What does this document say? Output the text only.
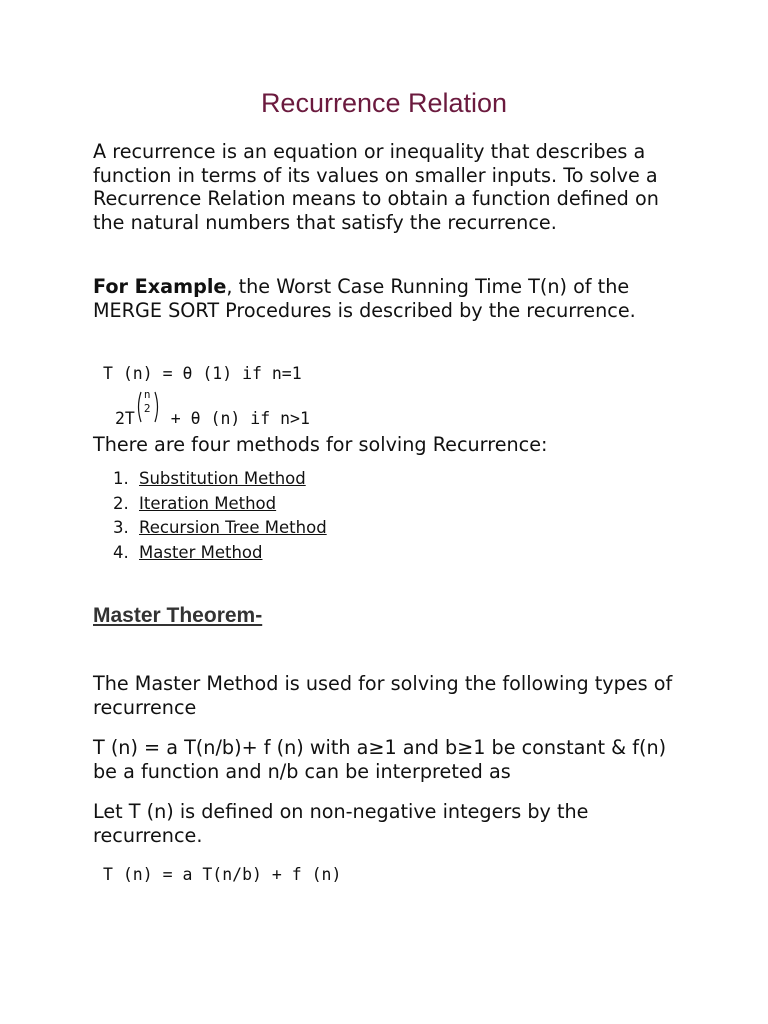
Recurrence Relation

A recurrence is an equation or inequality that describes a function in terms of its values on smaller inputs. To solve a Recurrence Relation means to obtain a function defined on the natural numbers that satisfy the recurrence.

For Example, the Worst Case Running Time T(n) of the MERGE SORT Procedures is described by the recurrence.

T (n) = θ (1) if n=1
2T
n
2
+ θ (n) if n>1

There are four methods for solving Recurrence:

1. Substitution Method
2. Iteration Method
3. Recursion Tree Method
4. Master Method
Master Theorem-

The Master Method is used for solving the following types of recurrence

T (n) = a T(n/b)+ f (n) with a≥1 and b≥1 be constant & f(n) be a function and n/b can be interpreted as

Let T (n) is defined on non-negative integers by the recurrence.

T (n) = a T(n/b) + f (n)
